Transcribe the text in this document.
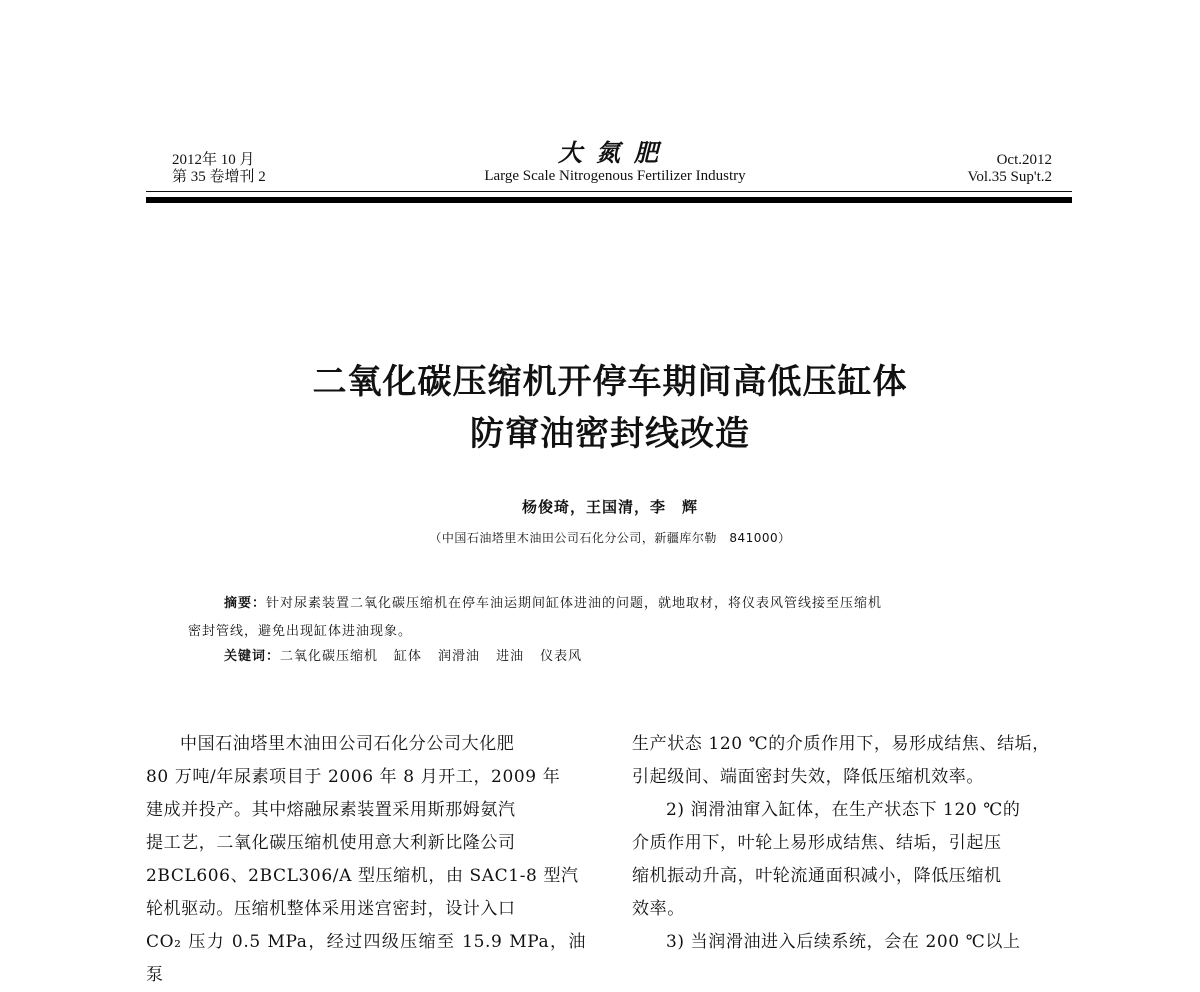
2012年 10 月
第 35 卷增刊 2
大氮肥
Large Scale Nitrogenous Fertilizer Industry
Oct.2012
Vol.35 Sup't.2
二氧化碳压缩机开停车期间高低压缸体
防窜油密封线改造
杨俊琦，王国清，李　辉
（中国石油塔里木油田公司石化分公司，新疆库尔勒　841000）
摘要：针对尿素装置二氧化碳压缩机在停车油运期间缸体进油的问题，就地取材，将仪表风管线接至压缩机
密封管线，避免出现缸体进油现象。
关键词：二氧化碳压缩机 缸体 润滑油 进油 仪表风

中国石油塔里木油田公司石化分公司大化肥

80 万吨/年尿素项目于 2006 年 8 月开工，2009 年

建成并投产。其中熔融尿素装置采用斯那姆氨汽

提工艺，二氧化碳压缩机使用意大利新比隆公司

2BCL606、2BCL306/A 型压缩机，由 SAC1-8 型汽

轮机驱动。压缩机整体采用迷宫密封，设计入口

CO₂ 压力 0.5 MPa，经过四级压缩至 15.9 MPa，油泵

生产状态 120 ℃的介质作用下，易形成结焦、结垢，

引起级间、端面密封失效，降低压缩机效率。

2) 润滑油窜入缸体，在生产状态下 120 ℃的

介质作用下，叶轮上易形成结焦、结垢，引起压

缩机振动升高，叶轮流通面积减小，降低压缩机

效率。

3) 当润滑油进入后续系统，会在 200 ℃以上
